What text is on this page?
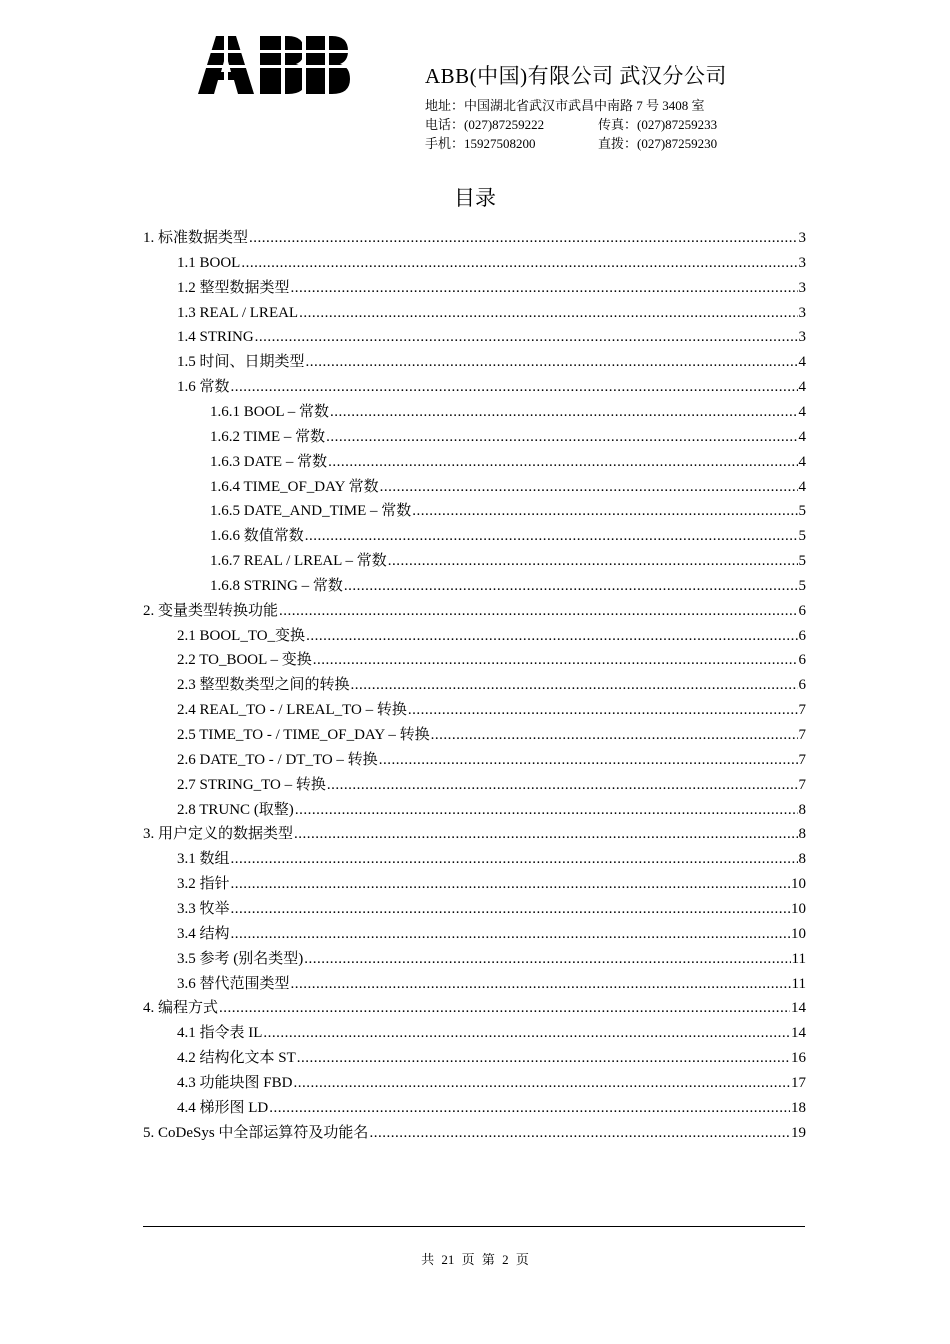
ABB(中国)有限公司 武汉分公司
地址：中国湖北省武汉市武昌中南路 7 号 3408 室
电话：(027)87259222	传真：(027)87259233
手机：15927508200	直拨：(027)87259230
目录
1. 标准数据类型 .....	3
1.1 BOOL .....	3
1.2 整型数据类型 .....	3
1.3 REAL / LREAL .....	3
1.4 STRING .....	3
1.5 时间、日期类型 .....	4
1.6 常数 .....	4
1.6.1 BOOL – 常数 .....	4
1.6.2 TIME – 常数 .....	4
1.6.3 DATE – 常数 .....	4
1.6.4 TIME_OF_DAY 常数 .....	4
1.6.5 DATE_AND_TIME – 常数 .....	5
1.6.6 数值常数 .....	5
1.6.7 REAL / LREAL – 常数 .....	5
1.6.8 STRING – 常数 .....	5
2. 变量类型转换功能 .....	6
2.1 BOOL_TO_变换 .....	6
2.2 TO_BOOL – 变换 .....	6
2.3 整型数类型之间的转换 .....	6
2.4 REAL_TO - / LREAL_TO – 转换 .....	7
2.5 TIME_TO - / TIME_OF_DAY – 转换 .....	7
2.6 DATE_TO - / DT_TO – 转换 .....	7
2.7 STRING_TO – 转换 .....	7
2.8 TRUNC (取整) .....	8
3. 用户定义的数据类型 .....	8
3.1 数组 .....	8
3.2 指针 .....	10
3.3 牧举 .....	10
3.4 结构 .....	10
3.5 参考 (别名类型) .....	11
3.6 替代范围类型 .....	11
4. 编程方式 .....	14
4.1 指令表 IL .....	14
4.2 结构化文本 ST .....	16
4.3 功能块图 FBD .....	17
4.4 梯形图 LD .....	18
5. CoDeSys 中全部运算符及功能名 .....	19
共 21 页 第 2 页
